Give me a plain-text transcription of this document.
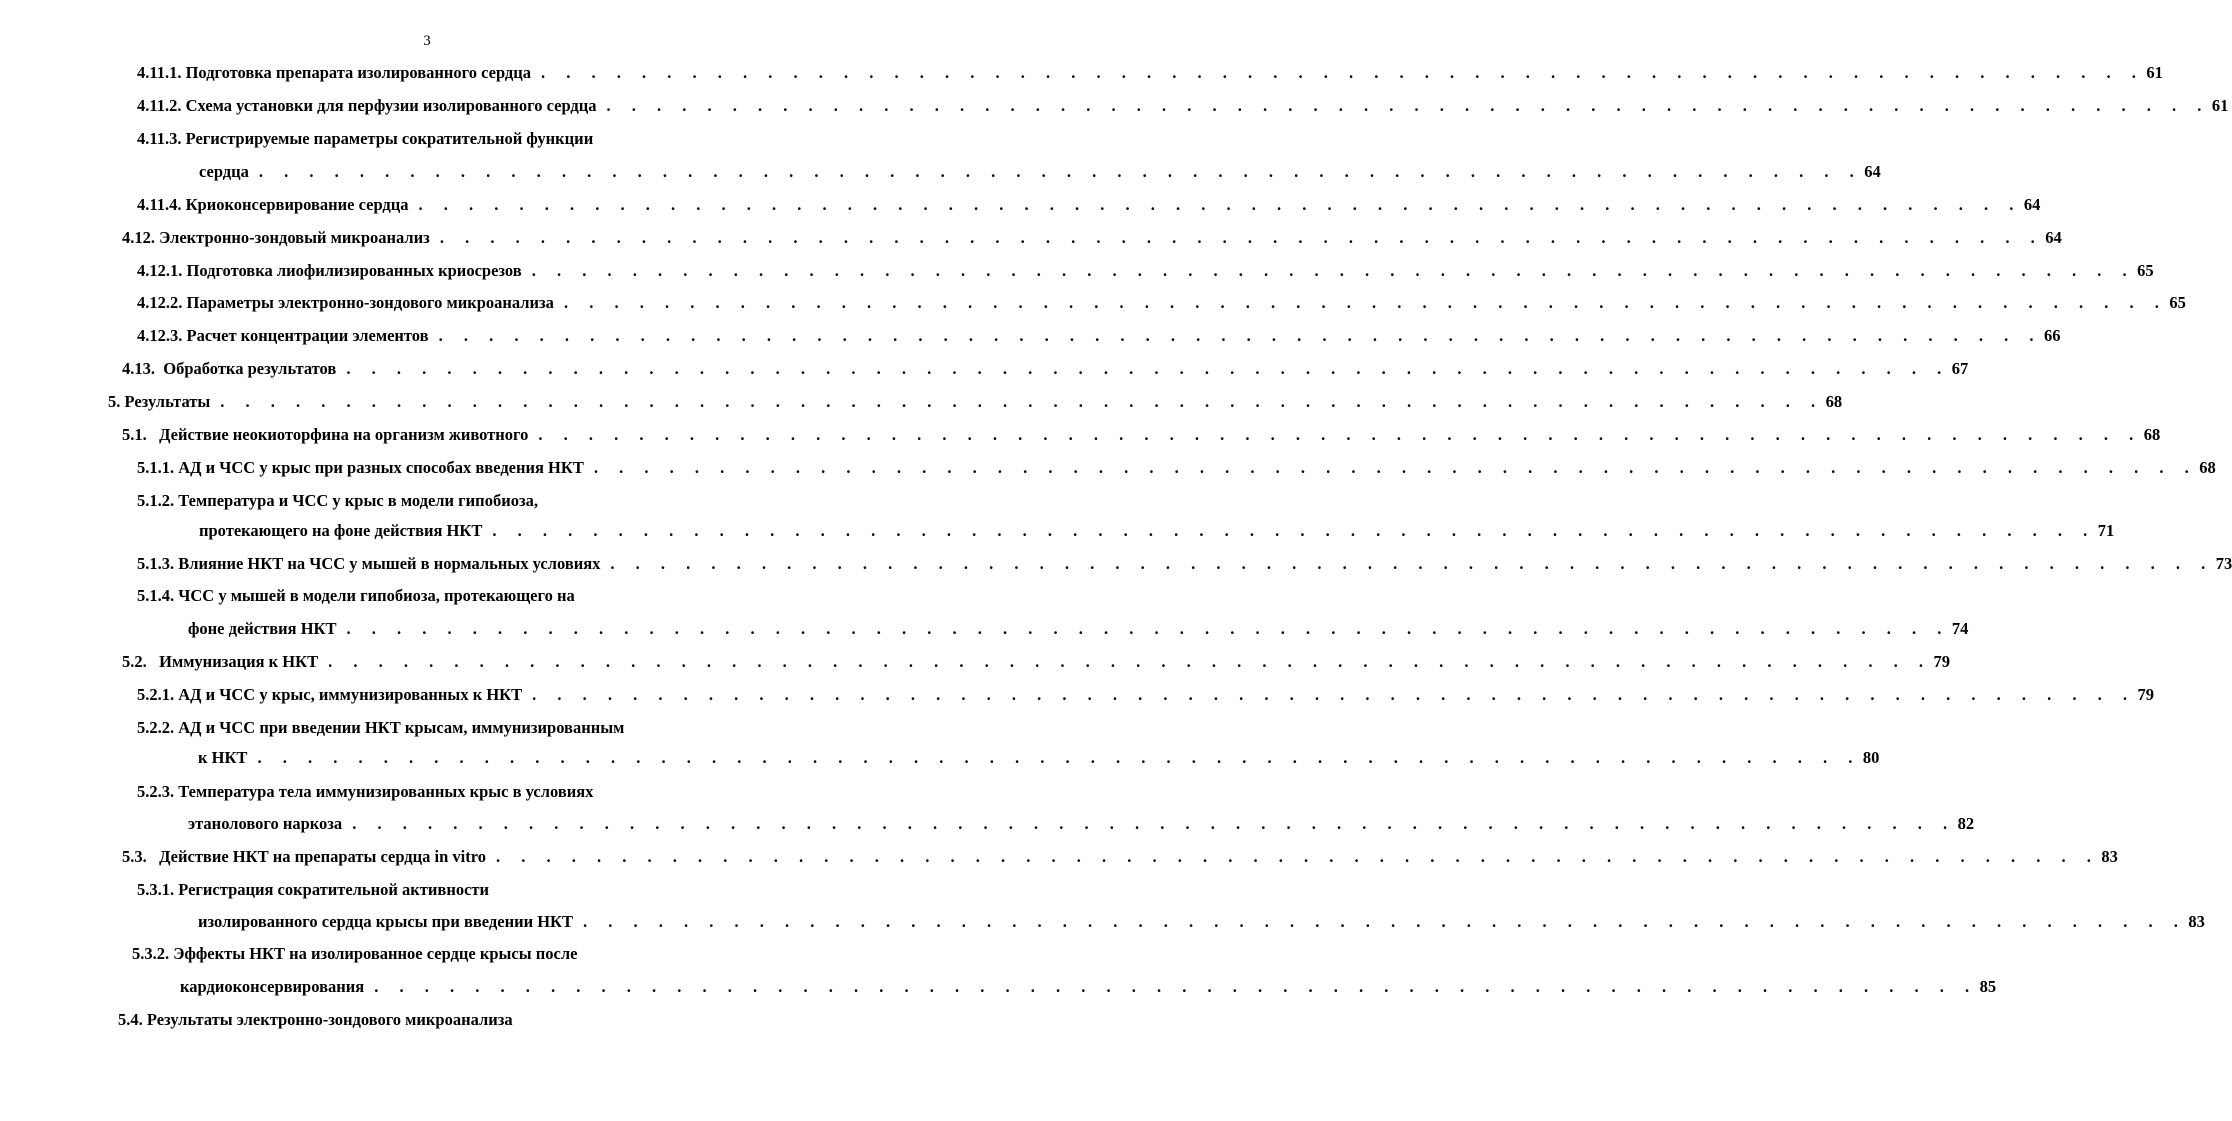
3
4.11.1. Подготовка препарата изолированного сердца . . . . . . . . . . . . . . . . . . . . . . . . . . . . . . . . . . . . . . . . . . . . . . . . . . . . . . . . . . . . . . . . 61
4.11.2. Схема установки для перфузии изолированного сердца . . . . . . . . . . . . . . . . . . . . . . . . . . . . . . . . . . . . . . . . . . . . . . . . . . . . . . . . . . . . . . . . 61
4.11.3. Регистрируемые параметры сократительной функции
сердца . . . . . . . . . . . . . . . . . . . . . . . . . . . . . . . . . . . . . . . . . . . . . . . . . . . . . . . . . . . . . . . . 64
4.11.4. Криоконсервирование сердца . . . . . . . . . . . . . . . . . . . . . . . . . . . . . . . . . . . . . . . . . . . . . . . . . . . . . . . . . . . . . . . . 64
4.12. Электронно-зондовый микроанализ . . . . . . . . . . . . . . . . . . . . . . . . . . . . . . . . . . . . . . . . . . . . . . . . . . . . . . . . . . . . . . . . 64
4.12.1. Подготовка лиофилизированных криосрезов . . . . . . . . . . . . . . . . . . . . . . . . . . . . . . . . . . . . . . . . . . . . . . . . . . . . . . . . . . . . . . . . 65
4.12.2. Параметры электронно-зондового микроанализа . . . . . . . . . . . . . . . . . . . . . . . . . . . . . . . . . . . . . . . . . . . . . . . . . . . . . . . . . . . . . . . . 65
4.12.3. Расчет концентрации элементов . . . . . . . . . . . . . . . . . . . . . . . . . . . . . . . . . . . . . . . . . . . . . . . . . . . . . . . . . . . . . . . . 66
4.13.  Обработка результатов . . . . . . . . . . . . . . . . . . . . . . . . . . . . . . . . . . . . . . . . . . . . . . . . . . . . . . . . . . . . . . . . 67
5. Результаты . . . . . . . . . . . . . . . . . . . . . . . . . . . . . . . . . . . . . . . . . . . . . . . . . . . . . . . . . . . . . . . . 68
5.1.   Действие неокиоторфина на организм животного . . . . . . . . . . . . . . . . . . . . . . . . . . . . . . . . . . . . . . . . . . . . . . . . . . . . . . . . . . . . . . . . 68
5.1.1. АД и ЧСС у крыс при разных способах введения НКТ . . . . . . . . . . . . . . . . . . . . . . . . . . . . . . . . . . . . . . . . . . . . . . . . . . . . . . . . . . . . . . . . 68
5.1.2. Температура и ЧСС у крыс в модели гипобиоза,
протекающего на фоне действия НКТ . . . . . . . . . . . . . . . . . . . . . . . . . . . . . . . . . . . . . . . . . . . . . . . . . . . . . . . . . . . . . . . . 71
5.1.3. Влияние НКТ на ЧСС у мышей в нормальных условиях . . . . . . . . . . . . . . . . . . . . . . . . . . . . . . . . . . . . . . . . . . . . . . . . . . . . . . . . . . . . . . . . 73
5.1.4. ЧСС у мышей в модели гипобиоза, протекающего на
фоне действия НКТ . . . . . . . . . . . . . . . . . . . . . . . . . . . . . . . . . . . . . . . . . . . . . . . . . . . . . . . . . . . . . . . . 74
5.2.   Иммунизация к НКТ . . . . . . . . . . . . . . . . . . . . . . . . . . . . . . . . . . . . . . . . . . . . . . . . . . . . . . . . . . . . . . . . 79
5.2.1. АД и ЧСС у крыс, иммунизированных к НКТ . . . . . . . . . . . . . . . . . . . . . . . . . . . . . . . . . . . . . . . . . . . . . . . . . . . . . . . . . . . . . . . . 79
5.2.2. АД и ЧСС при введении НКТ крысам, иммунизированным
к НКТ . . . . . . . . . . . . . . . . . . . . . . . . . . . . . . . . . . . . . . . . . . . . . . . . . . . . . . . . . . . . . . . . 80
5.2.3. Температура тела иммунизированных крыс в условиях
этанолового наркоза . . . . . . . . . . . . . . . . . . . . . . . . . . . . . . . . . . . . . . . . . . . . . . . . . . . . . . . . . . . . . . . . 82
5.3.   Действие НКТ на препараты сердца in vitro . . . . . . . . . . . . . . . . . . . . . . . . . . . . . . . . . . . . . . . . . . . . . . . . . . . . . . . . . . . . . . . . 83
5.3.1. Регистрация сократительной активности
изолированного сердца крысы при введении НКТ . . . . . . . . . . . . . . . . . . . . . . . . . . . . . . . . . . . . . . . . . . . . . . . . . . . . . . . . . . . . . . . . 83
5.3.2. Эффекты НКТ на изолированное сердце крысы после
кардиоконсервирования . . . . . . . . . . . . . . . . . . . . . . . . . . . . . . . . . . . . . . . . . . . . . . . . . . . . . . . . . . . . . . . . 85
5.4. Результаты электронно-зондового микроанализа
